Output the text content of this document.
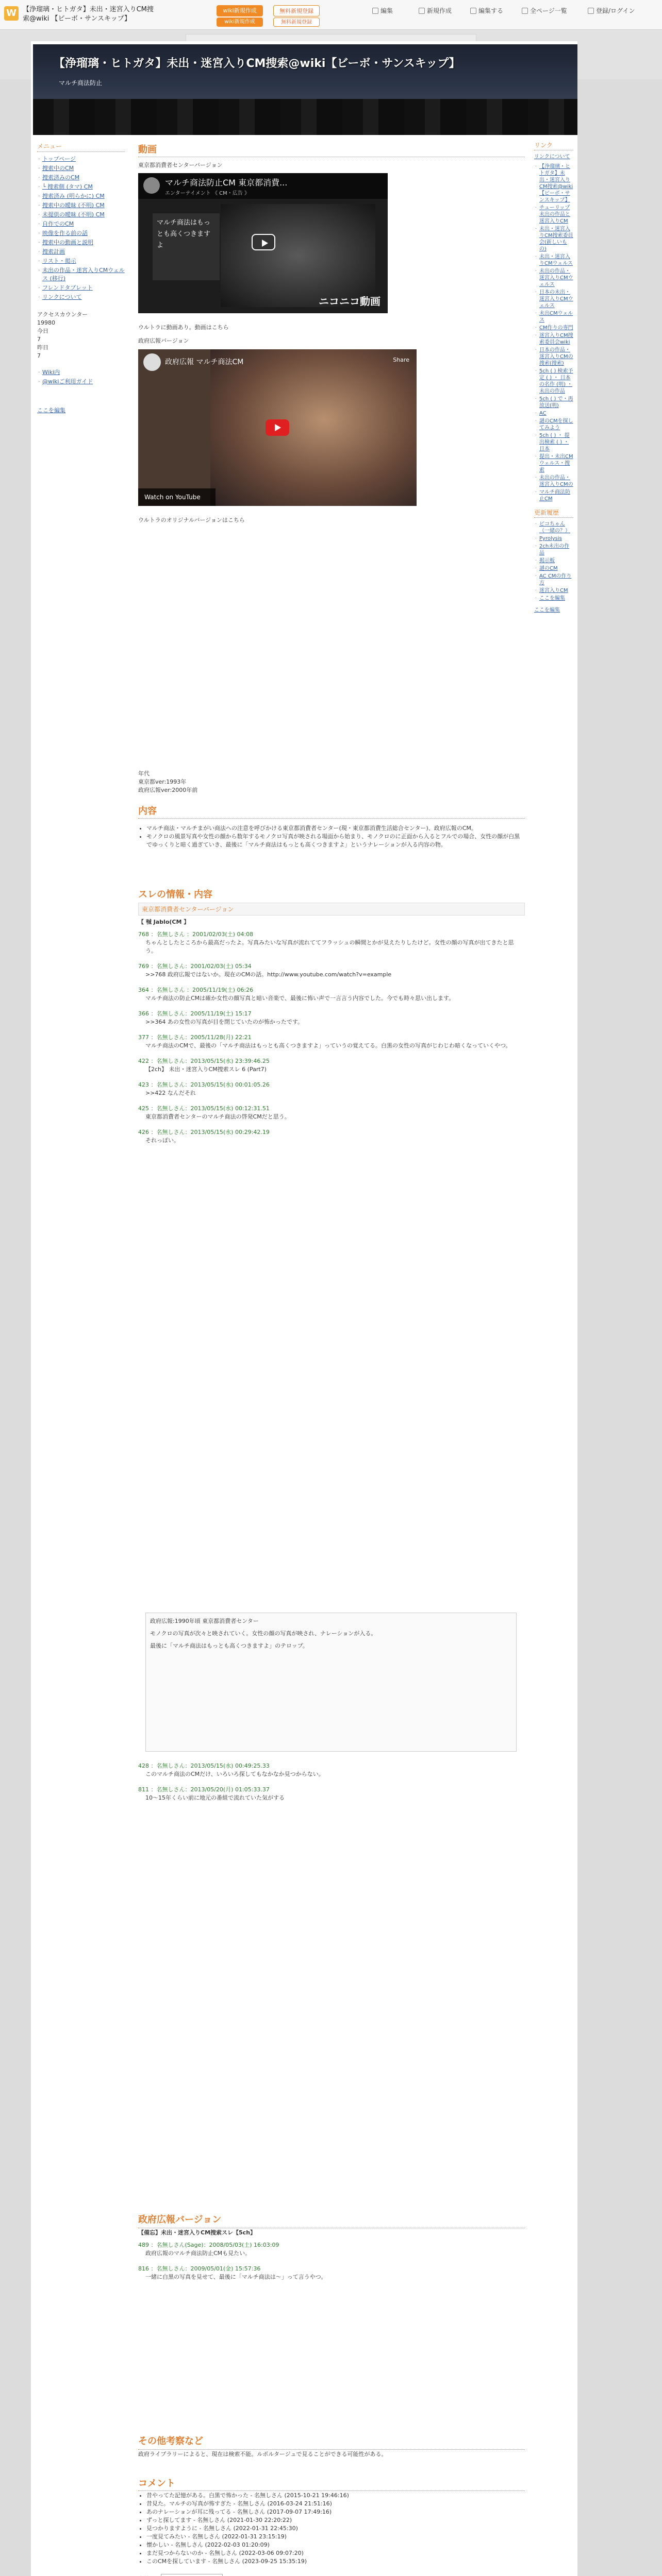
W 【浄瑠璃・ヒトガタ】未出・迷宮入りCM捜索@wiki 【ビーボ・サンスキップ】
wiki新規作成	無料新規登録
wiki新規作成	無料新規登録
編集	新規作成	編集する	全ページ一覧	登録/ログイン
【浄瑠璃・ヒトガタ】未出・迷宮入りCM捜索@wiki【ビーボ・サンスキップ】
マルチ商法防止
メニュー
· トップページ
· 捜索中のCM
· 捜索済みのCM
· └ 捜索側 (タマ) CM
· 捜索済み (明らかに) CM
· 捜索中の曖昧 (不明) CM
· 未提供の曖昧 (不明) CM
· 自作でのCM
· 映像を作る前の話
· 捜索中の動画と説明
· 捜索計画
· リスト・掲示
· 未出の作品・迷宮入りCMウェルス (移行)
· フレンドタブレット
· リンクについて
アクセスカウンター
19980
今日
7
昨日
7
· Wiki内
· @wikiご利用ガイド
ここを編集
リンク
リンクについて
· 【浄瑠璃・ヒトガタ】未出・迷宮入りCM捜索@wiki【ビーボ・サンスキップ】
· チューリップ未出の作品と迷宮入りCM
· 未出・迷宮入りCM捜索委員会(新しいもの)
· 未出・迷宮入りCMウェルス
· 未出の作品・迷宮入りCMウェルス
· 日本の未出・迷宮入りCMウェルス
· 未出CMウェルス
· CM作りの専門
· 迷宮入りCM捜索委員会wiki
· 日本の作品・迷宮入りCMの捜索(捜索)
· 5ch ( ) 検索予定 ( ) ・ 日本の名作 (明) ・ 未出の作品
· 5ch ( ) で・再放送(明)
· AC
· 謎のCMを探してみよう
· 5ch ( ) ・ 提出検索 ( ) ・ 日本
· 提出・未出CMウェルス・捜索
· 未出の作品・迷宮入りCMの
· マルチ商法防止CM
更新履歴
· ピコちゃん（一緒の？）
· Pyrolysis
· 2ch未出の作品
· 掲示板
· 謎のCM
· AC CMの作り方
· 迷宮入りCM
· ここを編集
ここを編集
動画
東京都消費者センターバージョン
マルチ商法防止CM 東京都消費...
エンターテイメント 《 CM・広告 》
マルチ商法はもっとも高くつきますよ
ニコニコ動画
ウルトラに動画あり。動画はこちら
政府広報バージョン
政府広報 マルチ商法CM	Share
Watch on YouTube
ウルトラのオリジナルバージョンはこちら
年代
東京都ver:1993年
政府広報ver:2000年前
内容
• マルチ商法・マルチまがい商法への注意を呼びかける東京都消費者センター(現・東京都消費生活総合センター)、政府広報のCM。
• モノクロの風景写真や女性の顔から数年するモノクロ写真が映される場面から始まり、モノクロのに正面から入るとフルでの場合、女性の顔が白黒でゆっくりと暗く過ぎていき、最後に「マルチ商法はもっとも高くつきますよ」というナレーションが入る内容の物。
スレの情報・内容
東京都消費者センターバージョン
【 ㍻ Jablo(CM 】
768 ：名無しさん ：2001/02/03(土) 04:08
ちゃんとしたところから最高だったよ。写真みたいな写真が流れててフラッシュの瞬間とかが見えたりしたけど。女性の顔の写真が出てきたと思う。
769 ：名無しさん：2001/02/03(土) 05:34
>>768 政府広報ではないか。現在のCMの話。http://www.youtube.com/watch?v=example
364 ：名無しさん ：2005/11/19(土) 06:26
マルチ商法の防止CMは確か女性の顔写真と暗い音楽で、最後に怖い声で一言言う内容でした。今でも時々思い出します。
366 ：名無しさん：2005/11/19(土) 15:17
>>364 あの女性の写真が目を閉じていたのが怖かったです。
377 ：名無しさん：2005/11/28(月) 22:21
マルチ商法のCMで、最後の「マルチ商法はもっとも高くつきますよ」っていうの覚えてる。白黒の女性の写真がじわじわ暗くなっていくやつ。
422 ：名無しさん：2013/05/15(水) 23:39:46.25
【2ch】 未出・迷宮入りCM捜索スレ 6 (Part7)
423 ：名無しさん：2013/05/15(水) 00:01:05.26
>>422 なんだそれ
425 ：名無しさん：2013/05/15(水) 00:12:31.51
東京都消費者センターのマルチ商法の啓発CMだと思う。
426 ：名無しさん：2013/05/15(水) 00:29:42.19
それっぽい。
政府広報:1990年頃 東京都消費者センター
モノクロの写真が次々と映されていく。女性の顔の写真が映され、ナレーションが入る。
最後に「マルチ商法はもっとも高くつきますよ」のテロップ。
428 ：名無しさん：2013/05/15(水) 00:49:25.33
このマルチ商法のCMだけ、いろいろ探してもなかなか見つからない。
811 ：名無しさん：2013/05/20(月) 01:05:33.37
10〜15年くらい前に地元の番組で流れていた気がする
政府広報バージョン
【備忘】未出・迷宮入りCM捜索スレ【5ch】
489 ：名無しさん(Sage)：2008/05/03(土) 16:03:09
政府広報のマルチ商法防止CMも見たい。
816 ：名無しさん：2009/05/01(金) 15:57:36
一緒に白黒の写真を見せて、最後に「マルチ商法は〜」って言うやつ。
その他考察など
政府ライブラリーによると、現在は検索不能。ルポルタージュで見ることができる可能性がある。
コメント
• 昔やってた記憶がある。白黒で怖かった - 名無しさん (2015-10-21 19:46:16)
• 昔見た。マルチの写真が怖すぎた - 名無しさん (2016-03-24 21:51:16)
• あのナレーションが耳に残ってる - 名無しさん (2017-09-07 17:49:16)
• ずっと探してます - 名無しさん (2021-01-30 22:20:22)
• 見つかりますように - 名無しさん (2022-01-31 22:45:30)
• 一度見てみたい - 名無しさん (2022-01-31 23:15:19)
• 懐かしい - 名無しさん (2022-02-03 01:20:09)
• まだ見つからないのか - 名無しさん (2022-03-06 09:07:20)
• このCMを探しています - 名無しさん (2023-09-25 15:35:19)
